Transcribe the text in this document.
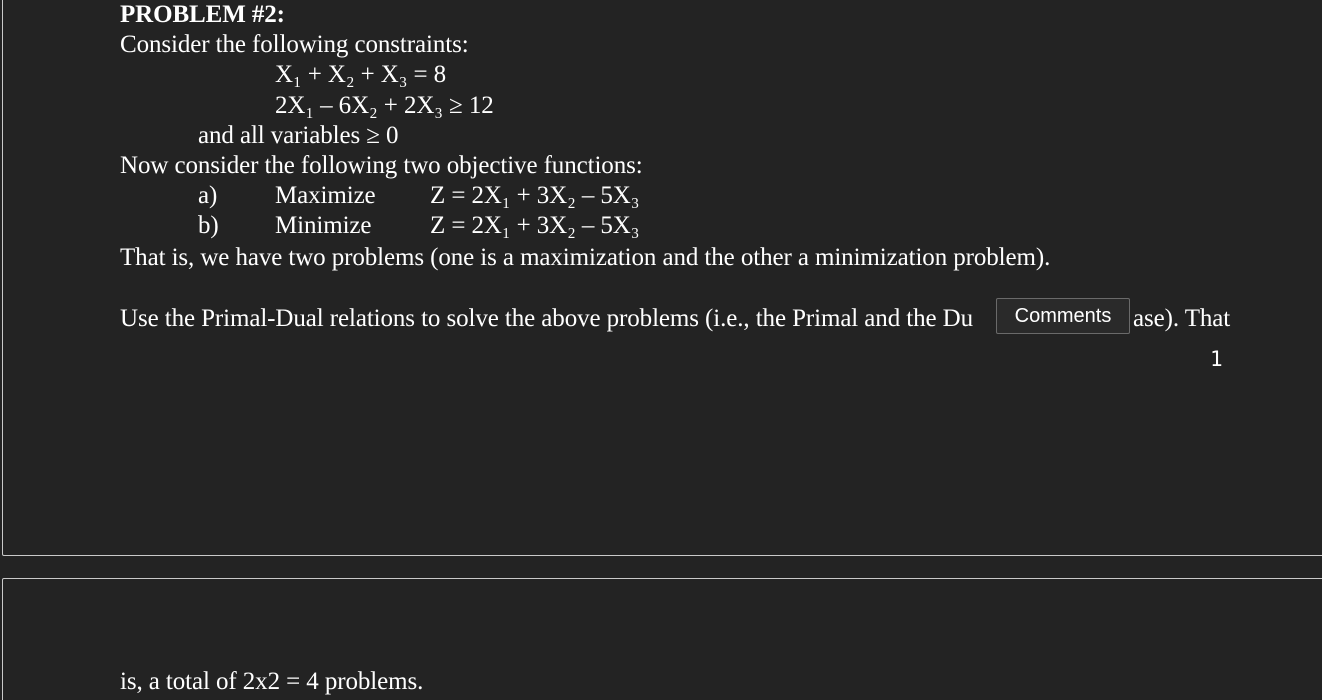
PROBLEM #2:
Consider the following constraints:
X₁ + X₂ + X₃ = 8
2X₁ – 6X₂ + 2X₃ ≥ 12
and all variables ≥ 0
Now consider the following two objective functions:
a) Maximize Z = 2X₁ + 3X₂ – 5X₃
b) Minimize Z = 2X₁ + 3X₂ – 5X₃
That is, we have two problems (one is a maximization and the other a minimization problem).
Use the Primal-Dual relations to solve the above problems (i.e., the Primal and the Du	ase). That
Comments
1
is, a total of 2x2 = 4 problems.
